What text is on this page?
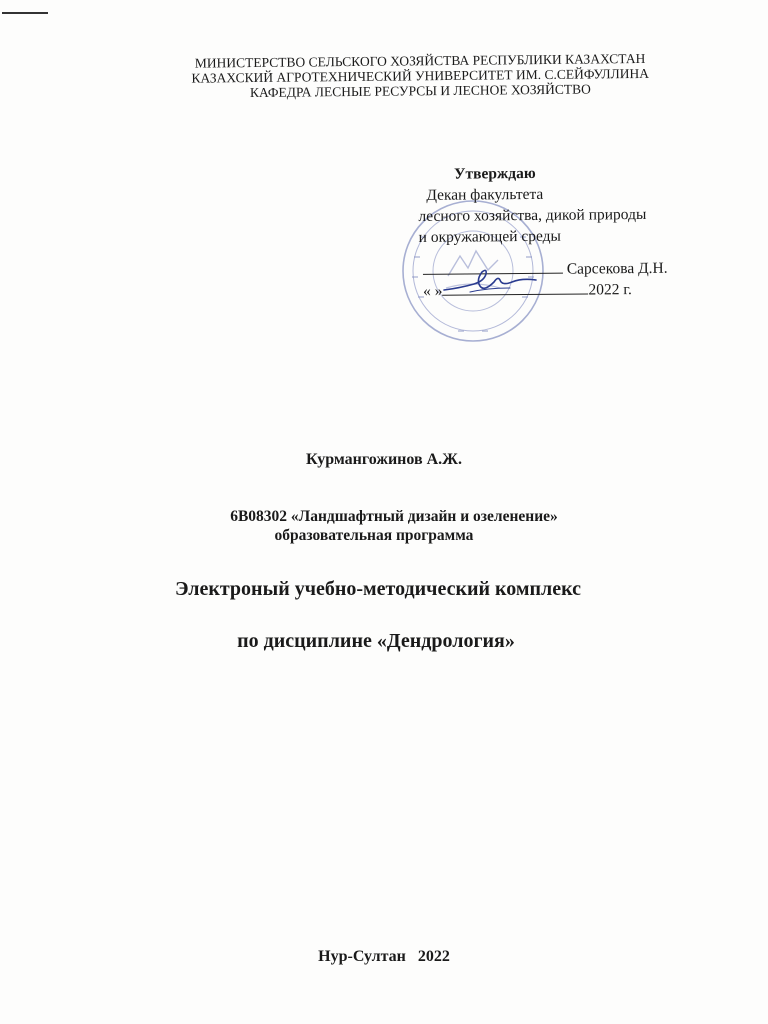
МИНИСТЕРСТВО СЕЛЬСКОГО ХОЗЯЙСТВА РЕСПУБЛИКИ КАЗАХСТАН
КАЗАХСКИЙ АГРОТЕХНИЧЕСКИЙ УНИВЕРСИТЕТ ИМ. С.СЕЙФУЛЛИНА
КАФЕДРА ЛЕСНЫЕ РЕСУРСЫ И ЛЕСНОЕ ХОЗЯЙСТВО
Утверждаю
Декан факультета
лесного хозяйства, дикой природы
и окружающей среды
Сарсекова Д.Н.
« »	2022 г.
Курмангожинов А.Ж.
6В08302 «Ландшафтный дизайн и озеленение»
образовательная программа
Электроный учебно-методический комплекс
по дисциплине «Дендрология»
Нур-Султан   2022
